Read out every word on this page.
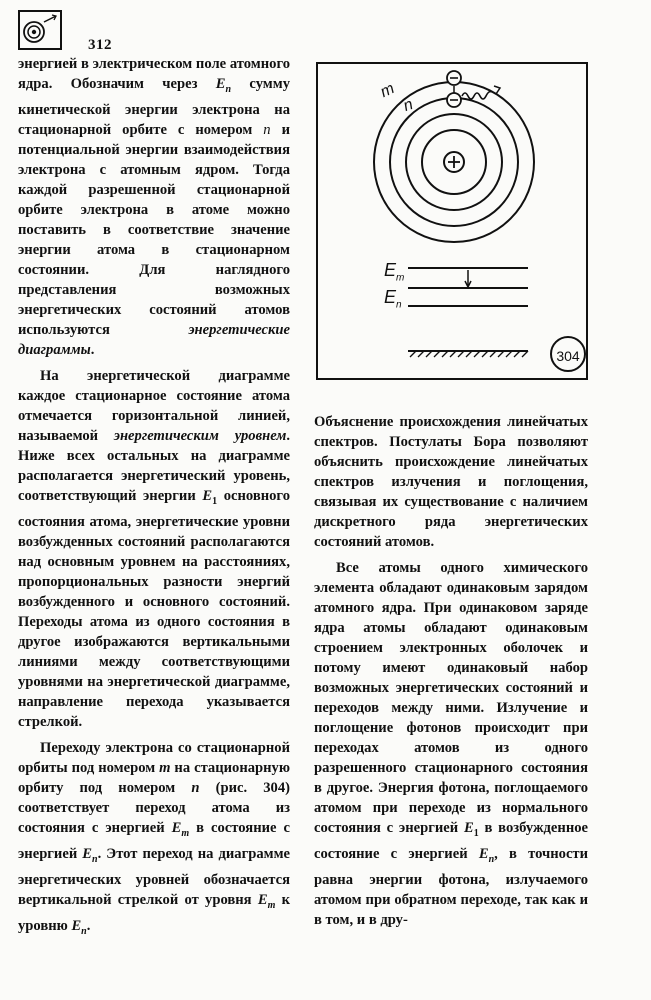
312

энергией в электрическом поле атомного ядра. Обозначим через $E_n$ сумму кинетической энергии электрона на стационарной орбите с номером n и потенциальной энергии взаимодействия электрона с атомным ядром. Тогда каждой разрешенной стационарной орбите электрона в атоме можно поставить в соответствие значение энергии атома в стационарном состоянии. Для наглядного представления возможных энергетических состояний атомов используются энергетические диаграммы.

На энергетической диаграмме каждое стационарное состояние атома отмечается горизонтальной линией, называемой энергетическим уровнем. Ниже всех остальных на диаграмме располагается энергетический уровень, соответствующий энергии $E_1$ основного состояния атома, энергетические уровни возбужденных состояний располагаются над основным уровнем на расстояниях, пропорциональных разности энергий возбужденного и основного состояний. Переходы атома из одного состояния в другое изображаются вертикальными линиями между соответствующими уровнями на энергетической диаграмме, направление перехода указывается стрелкой.

Переходу электрона со стационарной орбиты под номером m на стационарную орбиту под номером n (рис. 304) соответствует переход атома из состояния с энергией $E_m$ в состояние с энергией $E_n$. Этот переход на диаграмме энергетических уровней обозначается вертикальной стрелкой от уровня $E_m$ к уровню $E_n$.

m
n
$E_m$
$E_n$
304

Объяснение происхождения линейчатых спектров. Постулаты Бора позволяют объяснить происхождение линейчатых спектров излучения и поглощения, связывая их существование с наличием дискретного ряда энергетических состояний атомов.

Все атомы одного химического элемента обладают одинаковым зарядом атомного ядра. При одинаковом заряде ядра атомы обладают одинаковым строением электронных оболочек и потому имеют одинаковый набор возможных энергетических состояний и переходов между ними. Излучение и поглощение фотонов происходит при переходах атомов из одного разрешенного стационарного состояния в другое. Энергия фотона, поглощаемого атомом при переходе из нормального состояния с энергией $E_1$ в возбужденное состояние с энергией $E_n$, в точности равна энергии фотона, излучаемого атомом при обратном переходе, так как и в том, и в дру-
